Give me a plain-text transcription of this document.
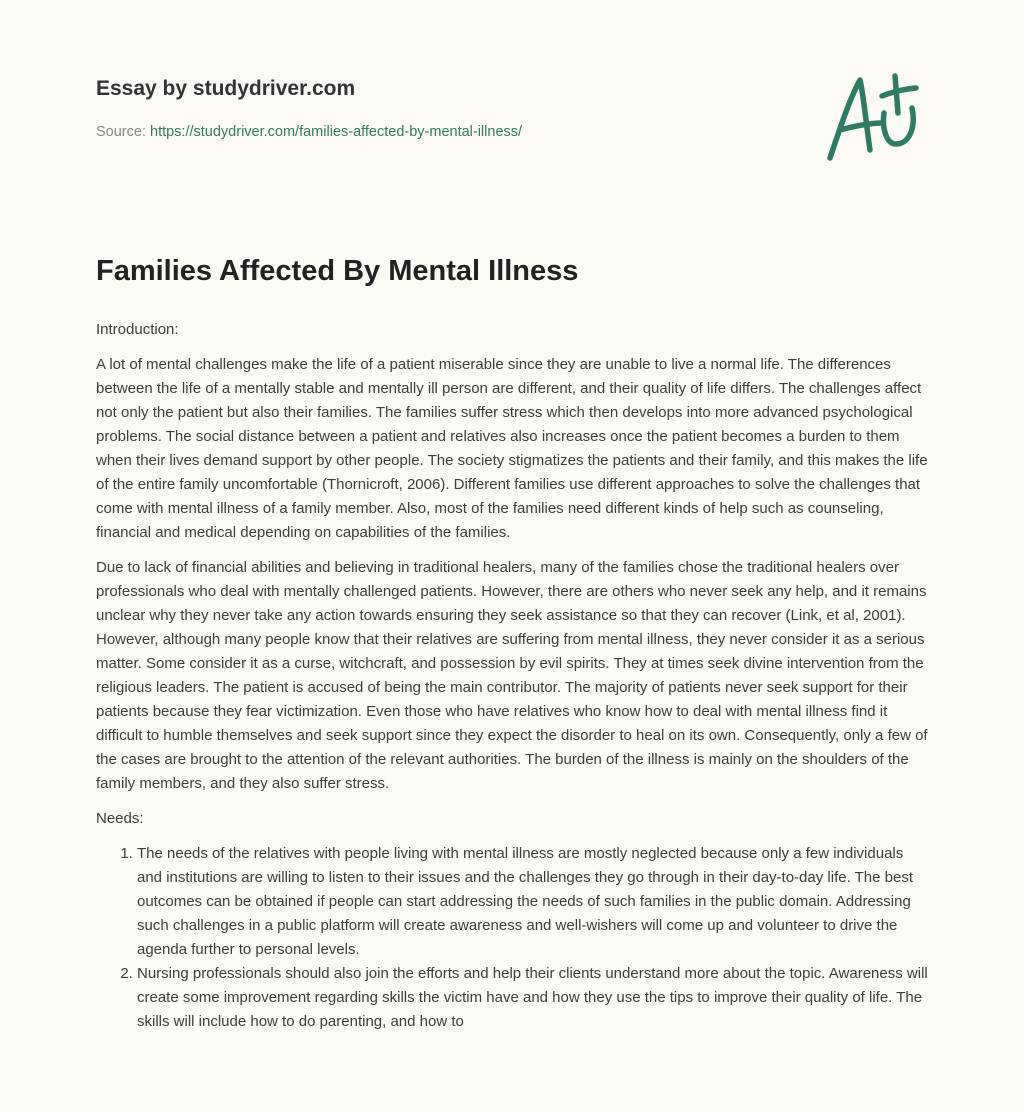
Essay by studydriver.com
Source: https://studydriver.com/families-affected-by-mental-illness/
Families Affected By Mental Illness

Introduction:

A lot of mental challenges make the life of a patient miserable since they are unable to live a normal life. The differences between the life of a mentally stable and mentally ill person are different, and their quality of life differs. The challenges affect not only the patient but also their families. The families suffer stress which then develops into more advanced psychological problems. The social distance between a patient and relatives also increases once the patient becomes a burden to them when their lives demand support by other people. The society stigmatizes the patients and their family, and this makes the life of the entire family uncomfortable (Thornicroft, 2006). Different families use different approaches to solve the challenges that come with mental illness of a family member. Also, most of the families need different kinds of help such as counseling, financial and medical depending on capabilities of the families.

Due to lack of financial abilities and believing in traditional healers, many of the families chose the traditional healers over professionals who deal with mentally challenged patients. However, there are others who never seek any help, and it remains unclear why they never take any action towards ensuring they seek assistance so that they can recover (Link, et al, 2001). However, although many people know that their relatives are suffering from mental illness, they never consider it as a serious matter. Some consider it as a curse, witchcraft, and possession by evil spirits. They at times seek divine intervention from the religious leaders. The patient is accused of being the main contributor. The majority of patients never seek support for their patients because they fear victimization. Even those who have relatives who know how to deal with mental illness find it difficult to humble themselves and seek support since they expect the disorder to heal on its own. Consequently, only a few of the cases are brought to the attention of the relevant authorities. The burden of the illness is mainly on the shoulders of the family members, and they also suffer stress.

Needs:

1. The needs of the relatives with people living with mental illness are mostly neglected because only a few individuals and institutions are willing to listen to their issues and the challenges they go through in their day-to-day life. The best outcomes can be obtained if people can start addressing the needs of such families in the public domain. Addressing such challenges in a public platform will create awareness and well-wishers will come up and volunteer to drive the agenda further to personal levels.
2. Nursing professionals should also join the efforts and help their clients understand more about the topic. Awareness will create some improvement regarding skills the victim have and how they use the tips to improve their quality of life. The skills will include how to do parenting, and how to
